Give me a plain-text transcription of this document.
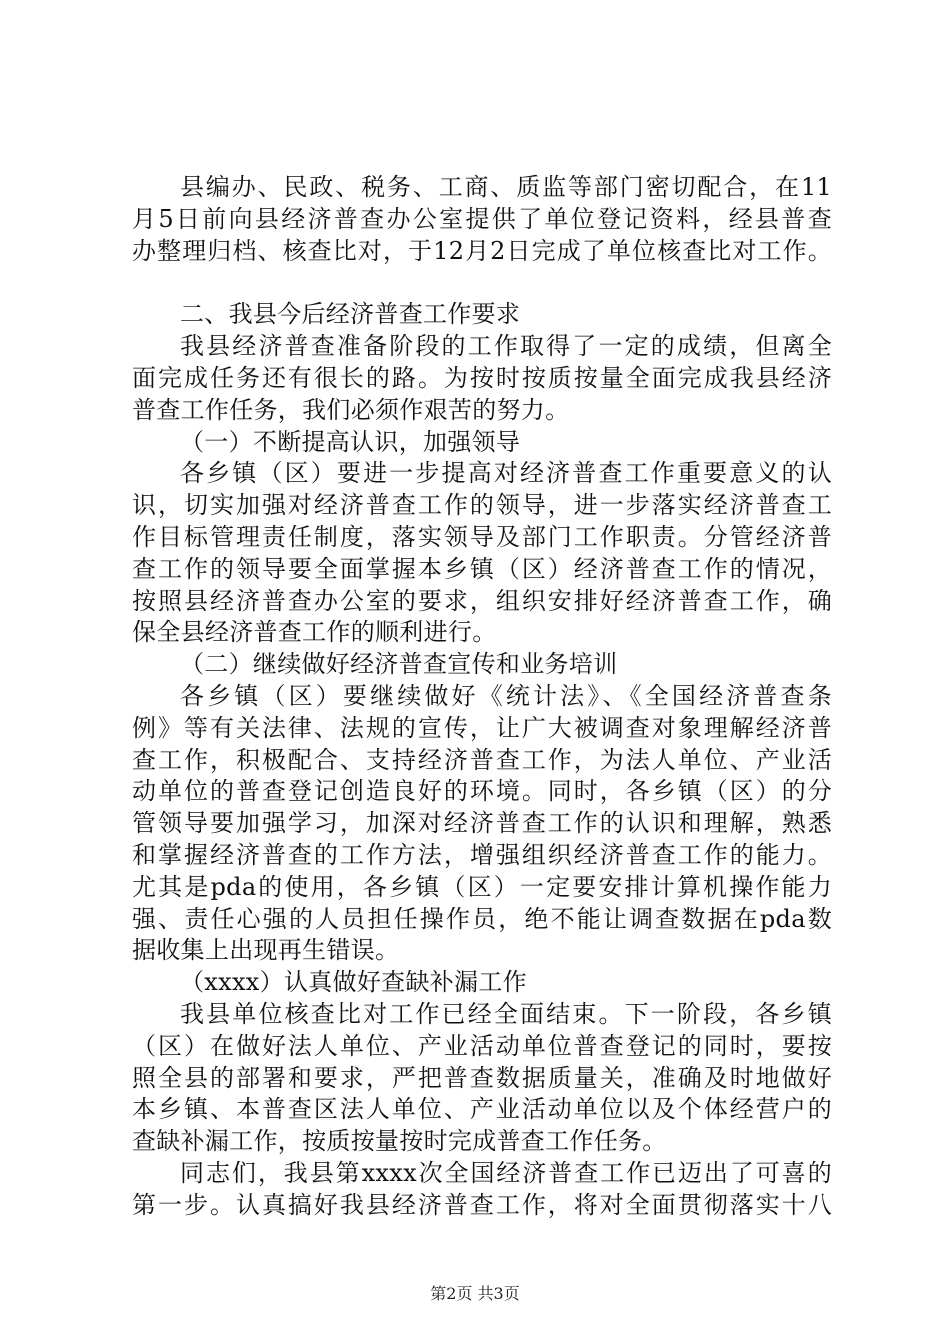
县编办、民政、税务、工商、质监等部门密切配合，在11
月5日前向县经济普查办公室提供了单位登记资料，经县普查
办整理归档、核查比对，于12月2日完成了单位核查比对工作。
二、我县今后经济普查工作要求
我县经济普查准备阶段的工作取得了一定的成绩，但离全
面完成任务还有很长的路。为按时按质按量全面完成我县经济
普查工作任务，我们必须作艰苦的努力。
（一）不断提高认识，加强领导
各乡镇（区）要进一步提高对经济普查工作重要意义的认
识，切实加强对经济普查工作的领导，进一步落实经济普查工
作目标管理责任制度，落实领导及部门工作职责。分管经济普
查工作的领导要全面掌握本乡镇（区）经济普查工作的情况，
按照县经济普查办公室的要求，组织安排好经济普查工作，确
保全县经济普查工作的顺利进行。
（二）继续做好经济普查宣传和业务培训
各乡镇（区）要继续做好《统计法》、《全国经济普查条
例》等有关法律、法规的宣传，让广大被调查对象理解经济普
查工作，积极配合、支持经济普查工作，为法人单位、产业活
动单位的普查登记创造良好的环境。同时，各乡镇（区）的分
管领导要加强学习，加深对经济普查工作的认识和理解，熟悉
和掌握经济普查的工作方法，增强组织经济普查工作的能力。
尤其是pda的使用，各乡镇（区）一定要安排计算机操作能力
强、责任心强的人员担任操作员，绝不能让调查数据在pda数
据收集上出现再生错误。
（xxxx）认真做好查缺补漏工作
我县单位核查比对工作已经全面结束。下一阶段，各乡镇
（区）在做好法人单位、产业活动单位普查登记的同时，要按
照全县的部署和要求，严把普查数据质量关，准确及时地做好
本乡镇、本普查区法人单位、产业活动单位以及个体经营户的
查缺补漏工作，按质按量按时完成普查工作任务。
同志们，我县第xxxx次全国经济普查工作已迈出了可喜的
第一步。认真搞好我县经济普查工作，将对全面贯彻落实十八
第2页 共3页
